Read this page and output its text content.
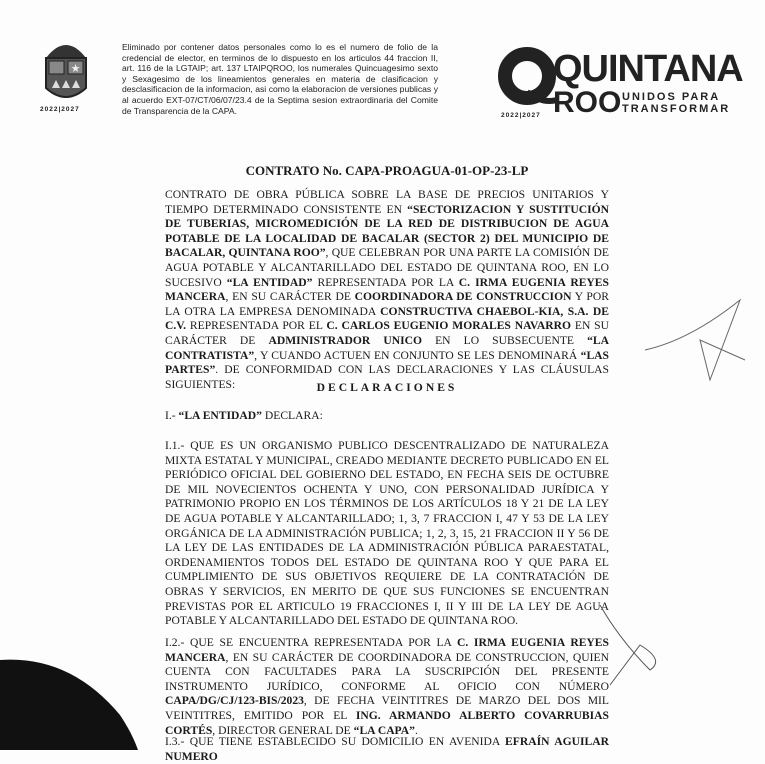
★
2022|2027
Eliminado por contener datos personales como lo es el numero de folio de la credencial de elector, en terminos de lo dispuesto en los articulos 44 fraccion II, art. 116 de la LGTAIP; art. 137 LTAIPQROO, los numerales Quincuagesimo sexto y Sexagesimo de los lineamientos generales en materia de clasificacion y desclasificacion de la informacion, asi como la elaboracion de versiones publicas y al acuerdo EXT-07/CT/06/07/23.4 de la Septima sesion extraordinaria del Comite de Transparencia de la CAPA.
QUINTANA
ROO UNIDOS PARA
TRANSFORMAR
2022|2027
CONTRATO No. CAPA-PROAGUA-01-OP-23-LP
CONTRATO DE OBRA PÚBLICA SOBRE LA BASE DE PRECIOS UNITARIOS Y TIEMPO DETERMINADO CONSISTENTE EN “SECTORIZACION Y SUSTITUCIÓN DE TUBERIAS, MICROMEDICIÓN DE LA RED DE DISTRIBUCION DE AGUA POTABLE DE LA LOCALIDAD DE BACALAR (SECTOR 2) DEL MUNICIPIO DE BACALAR, QUINTANA ROO”, QUE CELEBRAN POR UNA PARTE LA COMISIÓN DE AGUA POTABLE Y ALCANTARILLADO DEL ESTADO DE QUINTANA ROO, EN LO SUCESIVO “LA ENTIDAD” REPRESENTADA POR LA C. IRMA EUGENIA REYES MANCERA, EN SU CARÁCTER DE COORDINADORA DE CONSTRUCCION Y POR LA OTRA LA EMPRESA DENOMINADA CONSTRUCTIVA CHAEBOL-KIA, S.A. DE C.V. REPRESENTADA POR EL C. CARLOS EUGENIO MORALES NAVARRO EN SU CARÁCTER DE ADMINISTRADOR UNICO EN LO SUBSECUENTE “LA CONTRATISTA”, Y CUANDO ACTUEN EN CONJUNTO SE LES DENOMINARÁ “LAS PARTES”. DE CONFORMIDAD CON LAS DECLARACIONES Y LAS CLÁUSULAS SIGUIENTES:	DECLARACIONES
I.- “LA ENTIDAD” DECLARA:
I.1.- QUE ES UN ORGANISMO PUBLICO DESCENTRALIZADO DE NATURALEZA MIXTA ESTATAL Y MUNICIPAL, CREADO MEDIANTE DECRETO PUBLICADO EN EL PERIÓDICO OFICIAL DEL GOBIERNO DEL ESTADO, EN FECHA SEIS DE OCTUBRE DE MIL NOVECIENTOS OCHENTA Y UNO, CON PERSONALIDAD JURÍDICA Y PATRIMONIO PROPIO EN LOS TÉRMINOS DE LOS ARTÍCULOS 18 Y 21 DE LA LEY DE AGUA POTABLE Y ALCANTARILLADO; 1, 3, 7 FRACCION I, 47 Y 53 DE LA LEY ORGÁNICA DE LA ADMINISTRACIÓN PUBLICA; 1, 2, 3, 15, 21 FRACCION II Y 56 DE LA LEY DE LAS ENTIDADES DE LA ADMINISTRACIÓN PÚBLICA PARAESTATAL, ORDENAMIENTOS TODOS DEL ESTADO DE QUINTANA ROO Y QUE PARA EL CUMPLIMIENTO DE SUS OBJETIVOS REQUIERE DE LA CONTRATACIÓN DE OBRAS Y SERVICIOS, EN MERITO DE QUE SUS FUNCIONES SE ENCUENTRAN PREVISTAS POR EL ARTICULO 19 FRACCIONES I, II Y III DE LA LEY DE AGUA POTABLE Y ALCANTARILLADO DEL ESTADO DE QUINTANA ROO.
I.2.- QUE SE ENCUENTRA REPRESENTADA POR LA C. IRMA EUGENIA REYES MANCERA, EN SU CARÁCTER DE COORDINADORA DE CONSTRUCCION, QUIEN CUENTA CON FACULTADES PARA LA SUSCRIPCIÓN DEL PRESENTE INSTRUMENTO JURÍDICO, CONFORME AL OFICIO CON NÚMERO CAPA/DG/CJ/123-BIS/2023, DE FECHA VEINTITRES DE MARZO DEL DOS MIL VEINTITRES, EMITIDO POR EL ING. ARMANDO ALBERTO COVARRUBIAS CORTÉS, DIRECTOR GENERAL DE “LA CAPA”.
I.3.- QUE TIENE ESTABLECIDO SU DOMICILIO EN AVENIDA EFRAÍN AGUILAR NUMERO
